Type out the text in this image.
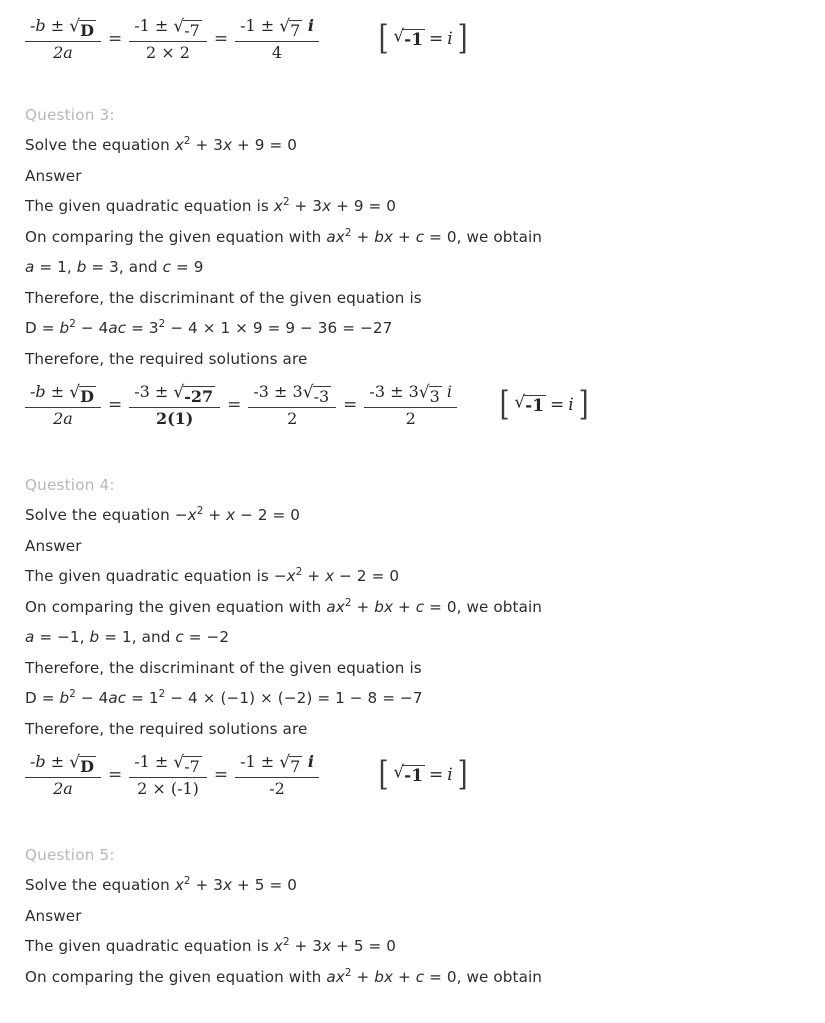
$\frac{-b \pm √ D}{2a} = \frac{-1 \pm √ -7}{2 \times 2} = \frac{-1 \pm √ 7 i}{4}$ [ √ -1 = i ]
Question 3:
Solve the equation $x^2 + 3x + 9 = 0$
Answer
The given quadratic equation is $x^2 + 3x + 9 = 0$
On comparing the given equation with $ax^2$ + bx + c = 0, we obtain
a = 1, b = 3, and c = 9
Therefore, the discriminant of the given equation is
$D = b^2 - 4ac = 3^2 - 4 \times 1 \times 9 = 9 - 36 = -27$
Therefore, the required solutions are
$\frac{-b \pm √ D}{2a} = \frac{-3 \pm √ -27}{2(1)} = \frac{-3 \pm 3 √ -3}{2} = \frac{-3 \pm 3 √ 3 i}{2}$ [ √ -1 = i ]
Question 4:
Solve the equation $-x^2 + x - 2 = 0$
Answer
The given quadratic equation is $-x^2 + x - 2 = 0$
On comparing the given equation with $ax^2$ + bx + c = 0, we obtain
a = −1, b = 1, and c = −2
Therefore, the discriminant of the given equation is
$D = b^2 - 4ac = 1^2 - 4 \times (-1) \times (-2) = 1 - 8 = -7$
Therefore, the required solutions are
$\frac{-b \pm √ D}{2a} = \frac{-1 \pm √ -7}{2 \times (-1)} = \frac{-1 \pm √ 7 i}{-2}$ [ √ -1 = i ]
Question 5:
Solve the equation $x^2 + 3x + 5 = 0$
Answer
The given quadratic equation is $x^2 + 3x + 5 = 0$
On comparing the given equation with $ax^2$ + bx + c = 0, we obtain
